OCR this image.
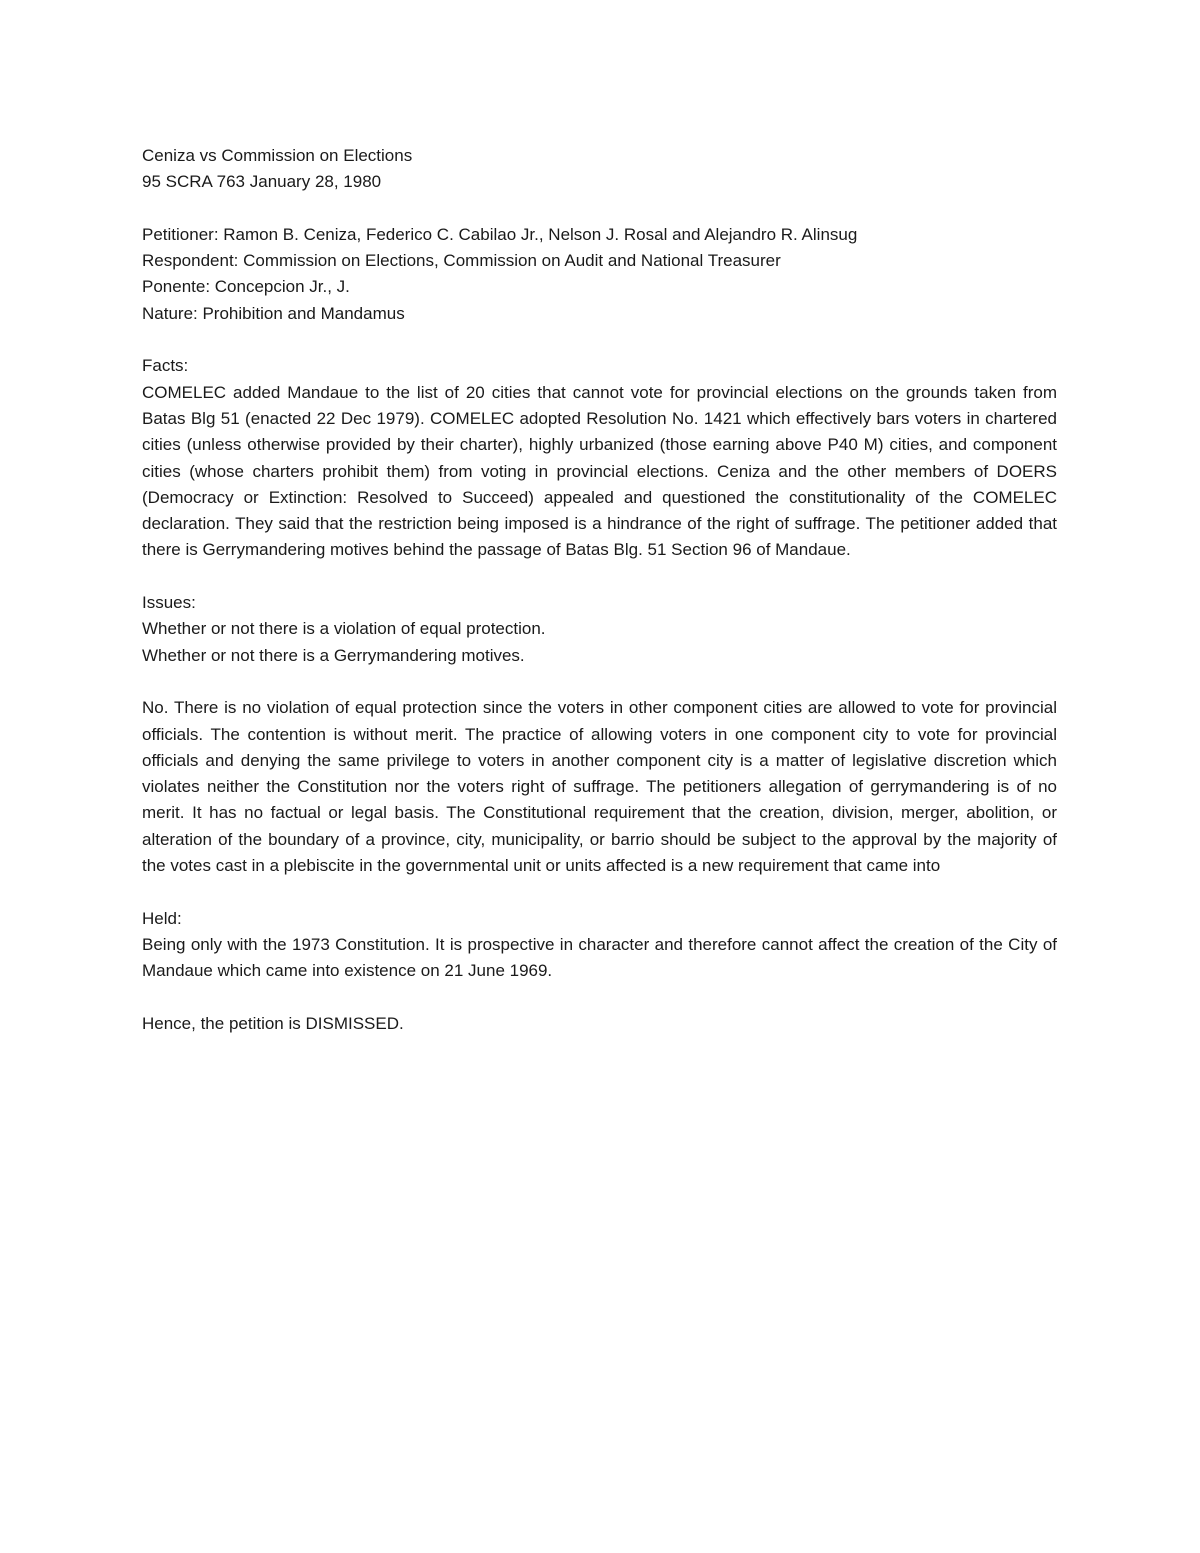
Ceniza vs Commission on Elections

95 SCRA 763 January 28, 1980

Petitioner: Ramon B. Ceniza, Federico C. Cabilao Jr., Nelson J. Rosal and Alejandro R. Alinsug

Respondent: Commission on Elections, Commission on Audit and National Treasurer

Ponente: Concepcion Jr., J.

Nature: Prohibition and Mandamus

Facts:

COMELEC added Mandaue to the list of 20 cities that cannot vote for provincial elections on the grounds taken from Batas Blg 51 (enacted 22 Dec 1979). COMELEC adopted Resolution No. 1421 which effectively bars voters in chartered cities (unless otherwise provided by their charter), highly urbanized (those earning above P40 M) cities, and component cities (whose charters prohibit them) from voting in provincial elections. Ceniza and the other members of DOERS (Democracy or Extinction: Resolved to Succeed) appealed and questioned the constitutionality of the COMELEC declaration. They said that the restriction being imposed is a hindrance of the right of suffrage. The petitioner added that there is Gerrymandering motives behind the passage of Batas Blg. 51 Section 96 of Mandaue.

Issues:

Whether or not there is a violation of equal protection.

Whether or not there is a Gerrymandering motives.

No. There is no violation of equal protection since the voters in other component cities are allowed to vote for provincial officials. The contention is without merit. The practice of allowing voters in one component city to vote for provincial officials and denying the same privilege to voters in another component city is a matter of legislative discretion which violates neither the Constitution nor the voters right of suffrage. The petitioners allegation of gerrymandering is of no merit. It has no factual or legal basis. The Constitutional requirement that the creation, division, merger, abolition, or alteration of the boundary of a province, city, municipality, or barrio should be subject to the approval by the majority of the votes cast in a plebiscite in the governmental unit or units affected is a new requirement that came into

Held:

Being only with the 1973 Constitution. It is prospective in character and therefore cannot affect the creation of the City of Mandaue which came into existence on 21 June 1969.

Hence, the petition is DISMISSED.
